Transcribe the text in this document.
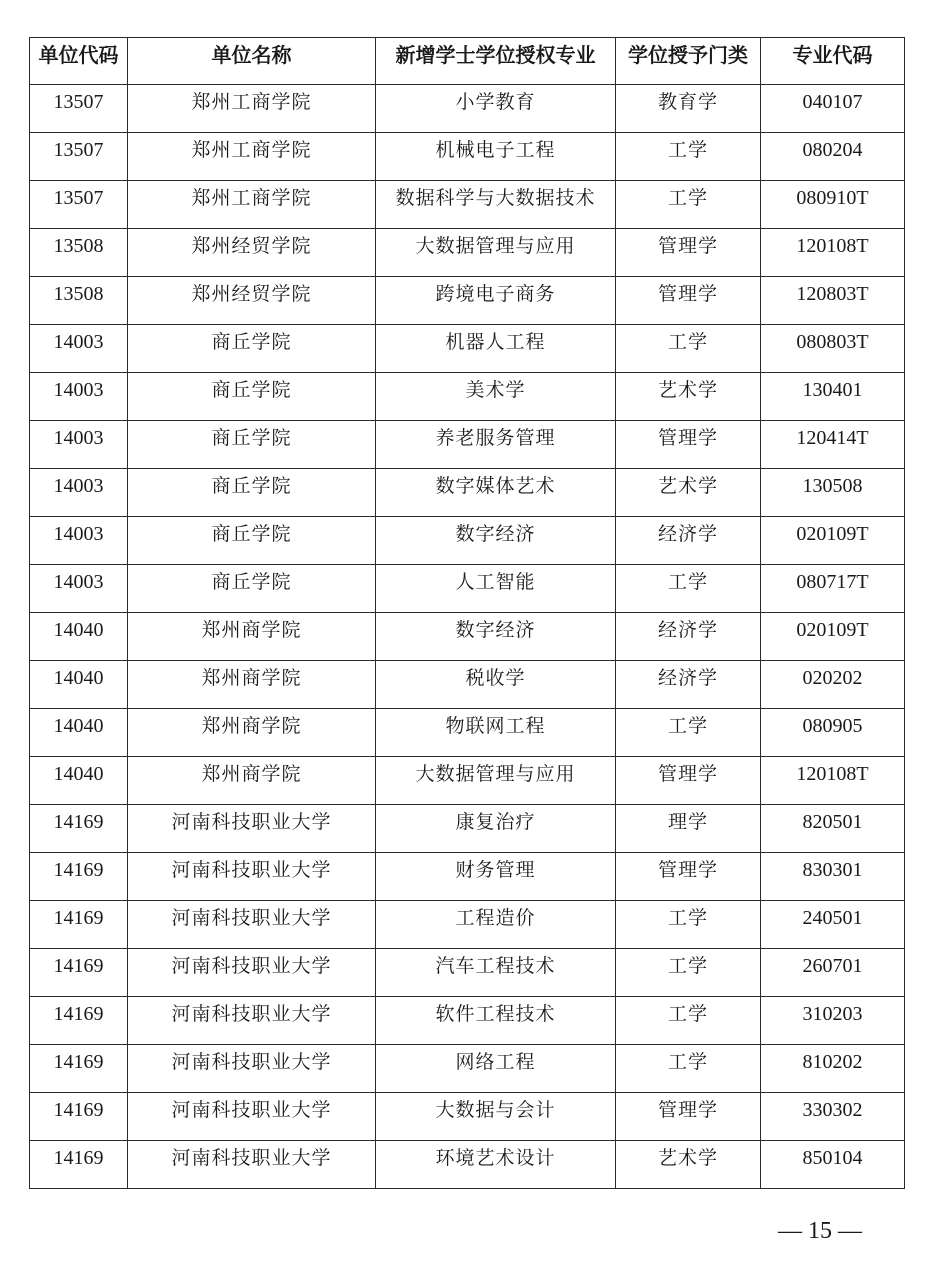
单位代码	单位名称	新增学士学位授权专业	学位授予门类	专业代码
13507	郑州工商学院	小学教育	教育学	040107
13507	郑州工商学院	机械电子工程	工学	080204
13507	郑州工商学院	数据科学与大数据技术	工学	080910T
13508	郑州经贸学院	大数据管理与应用	管理学	120108T
13508	郑州经贸学院	跨境电子商务	管理学	120803T
14003	商丘学院	机器人工程	工学	080803T
14003	商丘学院	美术学	艺术学	130401
14003	商丘学院	养老服务管理	管理学	120414T
14003	商丘学院	数字媒体艺术	艺术学	130508
14003	商丘学院	数字经济	经济学	020109T
14003	商丘学院	人工智能	工学	080717T
14040	郑州商学院	数字经济	经济学	020109T
14040	郑州商学院	税收学	经济学	020202
14040	郑州商学院	物联网工程	工学	080905
14040	郑州商学院	大数据管理与应用	管理学	120108T
14169	河南科技职业大学	康复治疗	理学	820501
14169	河南科技职业大学	财务管理	管理学	830301
14169	河南科技职业大学	工程造价	工学	240501
14169	河南科技职业大学	汽车工程技术	工学	260701
14169	河南科技职业大学	软件工程技术	工学	310203
14169	河南科技职业大学	网络工程	工学	810202
14169	河南科技职业大学	大数据与会计	管理学	330302
14169	河南科技职业大学	环境艺术设计	艺术学	850104
— 15 —
